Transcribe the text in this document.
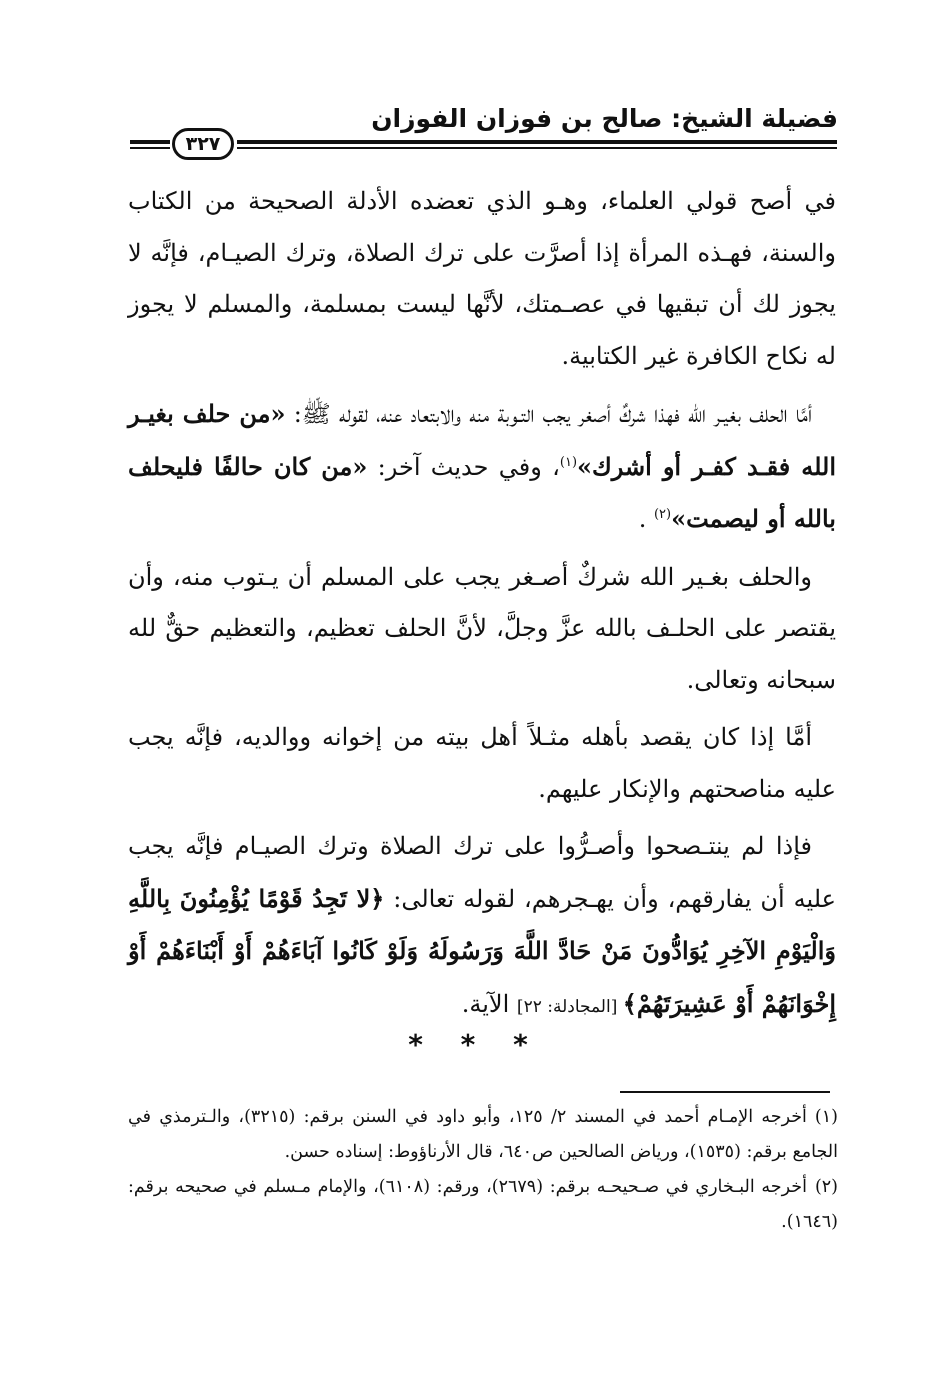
فضيلة الشيخ: صالح بن فوزان الفوزان
٣٢٧

في أصح قولي العلماء، وهـو الذي تعضده الأدلة الصحيحة من الكتاب والسنة، فهـذه المرأة إذا أصرَّت على ترك الصلاة، وترك الصيـام، فإنَّه لا يجوز لك أن تبقيها في عصـمتك، لأنَّها ليست بمسلمة، والمسلم لا يجوز له نكاح الكافرة غير الكتابية.

أمَّا الحلف بغيـر الله فهذا شركٌ أصغر يجب التـوبة منه والابتعاد عنه، لقوله ﷺ: «من حلف بغيـر الله فقـد كفـر أو أشرك»$^{(١)}$، وفي حديث آخر: «من كان حالفًا فليحلف بالله أو ليصمت»$^{(٢)}$ .

والحلف بغـير الله شركٌ أصـغر يجب على المسلم أن يـتوب منه، وأن يقتصر على الحلـف بالله عزَّ وجلَّ، لأنَّ الحلف تعظيم، والتعظيم حقٌّ لله سبحانه وتعالى.

أمَّا إذا كان يقصد بأهله مثـلاً أهل بيته من إخوانه ووالديه، فإنَّه يجب عليه مناصحتهم والإنكار عليهم.

فإذا لم ينتـصحوا وأصـرُّوا على ترك الصلاة وترك الصيـام فإنَّه يجب عليه أن يفارقهم، وأن يهـجرهم، لقوله تعالى: ﴿لا تَجِدُ قَوْمًا يُؤْمِنُونَ بِاللَّهِ وَالْيَوْمِ الآخِرِ يُوَادُّونَ مَنْ حَادَّ اللَّهَ وَرَسُولَهُ وَلَوْ كَانُوا آبَاءَهُمْ أَوْ أَبْنَاءَهُمْ أَوْ إِخْوَانَهُمْ أَوْ عَشِيرَتَهُمْ﴾ [المجادلة: ٢٢] الآية.

* * *

(١)أخرجه الإمـام أحمد في المسند ٢/ ١٢٥، وأبو داود في السنن برقم: (٣٢١٥)، والـترمذي في الجامع برقم: (١٥٣٥)، ورياض الصالحين ص٦٤٠، قال الأرناؤوط: إسناده حسن.

(٢)أخرجه البـخاري في صـحيحـه برقم: (٢٦٧٩)، ورقم: (٦١٠٨)، والإمام مـسلم في صحيحه برقم: (١٦٤٦).
